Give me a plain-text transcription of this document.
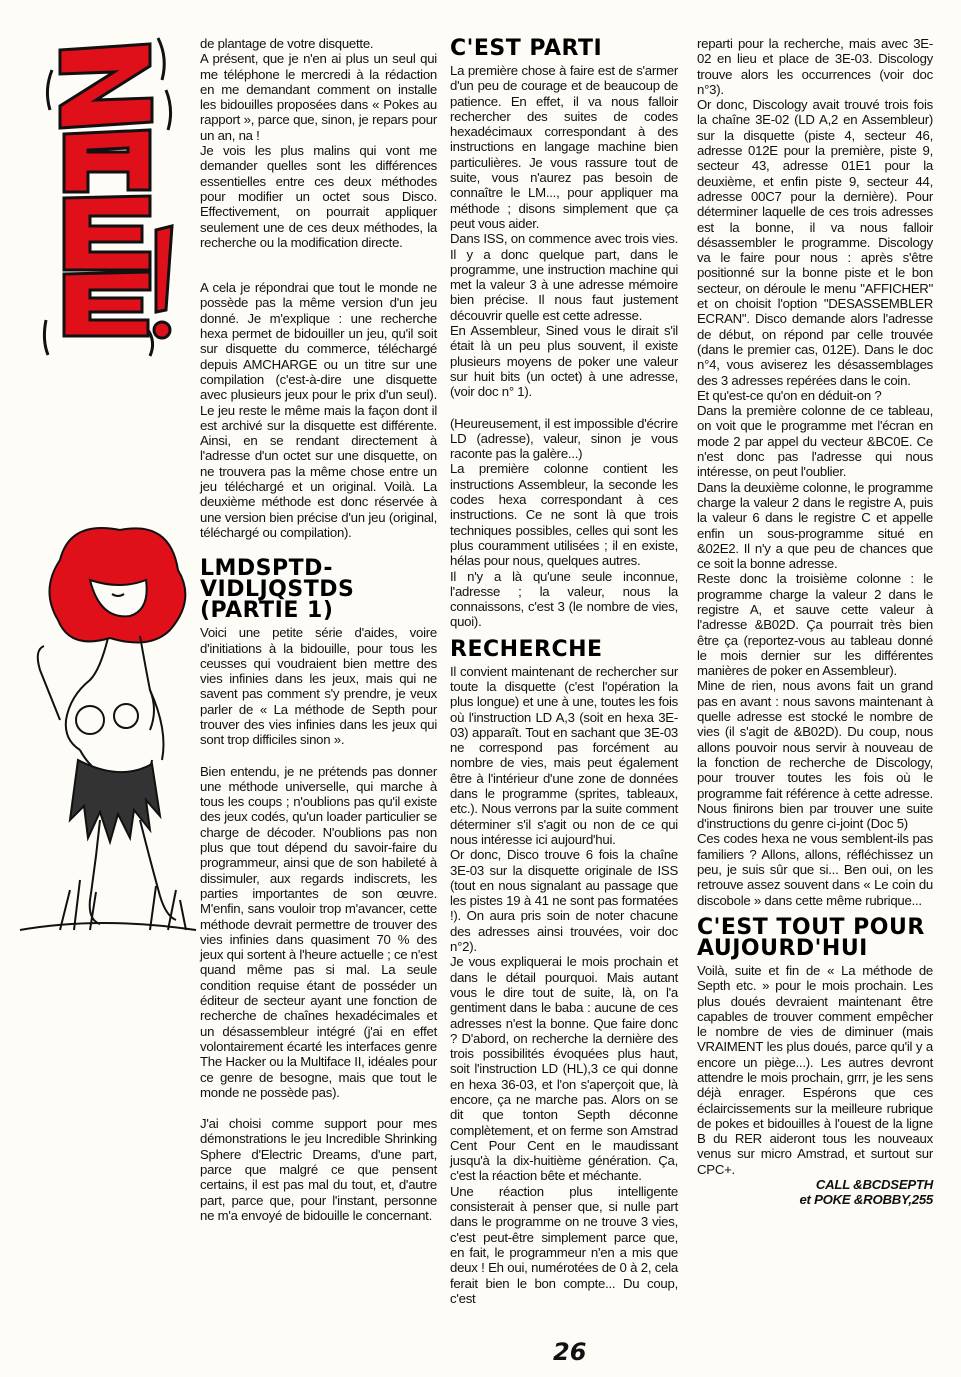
de plantage de votre disquette.

A présent, que je n'en ai plus un seul qui me téléphone le mercredi à la rédaction en me demandant comment on installe les bidouilles proposées dans « Pokes au rapport », parce que, sinon, je repars pour un an, na !

Je vois les plus malins qui vont me demander quelles sont les différences essentielles entre ces deux méthodes pour modifier un octet sous Disco. Effectivement, on pourrait appliquer seulement une de ces deux méthodes, la recherche ou la modification directe.

A cela je répondrai que tout le monde ne possède pas la même version d'un jeu donné. Je m'explique : une recherche hexa permet de bidouiller un jeu, qu'il soit sur disquette du commerce, téléchargé depuis AMCHARGE ou un titre sur une compilation (c'est-à-dire une disquette avec plusieurs jeux pour le prix d'un seul). Le jeu reste le même mais la façon dont il est archivé sur la disquette est différente. Ainsi, en se rendant directement à l'adresse d'un octet sur une disquette, on ne trouvera pas la même chose entre un jeu téléchargé et un original. Voilà. La deuxième méthode est donc réservée à une version bien précise d'un jeu (original, téléchargé ou compilation).

LMDSPTD-VIDLJQSTDS (PARTIE 1)

Voici une petite série d'aides, voire d'initiations à la bidouille, pour tous les ceusses qui voudraient bien mettre des vies infinies dans les jeux, mais qui ne savent pas comment s'y prendre, je veux parler de « La méthode de Septh pour trouver des vies infinies dans les jeux qui sont trop difficiles sinon ».

Bien entendu, je ne prétends pas donner une méthode universelle, qui marche à tous les coups ; n'oublions pas qu'il existe des jeux codés, qu'un loader particulier se charge de décoder. N'oublions pas non plus que tout dépend du savoir-faire du programmeur, ainsi que de son habileté à dissimuler, aux regards indiscrets, les parties importantes de son œuvre. M'enfin, sans vouloir trop m'avancer, cette méthode devrait permettre de trouver des vies infinies dans quasiment 70 % des jeux qui sortent à l'heure actuelle ; ce n'est quand même pas si mal. La seule condition requise étant de posséder un éditeur de secteur ayant une fonction de recherche de chaînes hexadécimales et un désassembleur intégré (j'ai en effet volontairement écarté les interfaces genre The Hacker ou la Multiface II, idéales pour ce genre de besogne, mais que tout le monde ne possède pas).

J'ai choisi comme support pour mes démonstrations le jeu Incredible Shrinking Sphere d'Electric Dreams, d'une part, parce que malgré ce que pensent certains, il est pas mal du tout, et, d'autre part, parce que, pour l'instant, personne ne m'a envoyé de bidouille le concernant.

C'EST PARTI

La première chose à faire est de s'armer d'un peu de courage et de beaucoup de patience. En effet, il va nous falloir rechercher des suites de codes hexadécimaux correspondant à des instructions en langage machine bien particulières. Je vous rassure tout de suite, vous n'aurez pas besoin de connaître le LM..., pour appliquer ma méthode ; disons simplement que ça peut vous aider.

Dans ISS, on commence avec trois vies. Il y a donc quelque part, dans le programme, une instruction machine qui met la valeur 3 à une adresse mémoire bien précise. Il nous faut justement découvrir quelle est cette adresse.

En Assembleur, Sined vous le dirait s'il était là un peu plus souvent, il existe plusieurs moyens de poker une valeur sur huit bits (un octet) à une adresse, (voir doc n° 1).

(Heureusement, il est impossible d'écrire LD (adresse), valeur, sinon je vous raconte pas la galère...)

La première colonne contient les instructions Assembleur, la seconde les codes hexa correspondant à ces instructions. Ce ne sont là que trois techniques possibles, celles qui sont les plus couramment utilisées ; il en existe, hélas pour nous, quelques autres.

Il n'y a là qu'une seule inconnue, l'adresse ; la valeur, nous la connaissons, c'est 3 (le nombre de vies, quoi).

RECHERCHE

Il convient maintenant de rechercher sur toute la disquette (c'est l'opération la plus longue) et une à une, toutes les fois où l'instruction LD A,3 (soit en hexa 3E-03) apparaît. Tout en sachant que 3E-03 ne correspond pas forcément au nombre de vies, mais peut également être à l'intérieur d'une zone de données dans le programme (sprites, tableaux, etc.). Nous verrons par la suite comment déterminer s'il s'agit ou non de ce qui nous intéresse ici aujourd'hui.

Or donc, Disco trouve 6 fois la chaîne 3E-03 sur la disquette originale de ISS (tout en nous signalant au passage que les pistes 19 à 41 ne sont pas formatées !). On aura pris soin de noter chacune des adresses ainsi trouvées, voir doc n°2).

Je vous expliquerai le mois prochain et dans le détail pourquoi. Mais autant vous le dire tout de suite, là, on l'a gentiment dans le baba : aucune de ces adresses n'est la bonne. Que faire donc ? D'abord, on recherche la dernière des trois possibilités évoquées plus haut, soit l'instruction LD (HL),3 ce qui donne en hexa 36-03, et l'on s'aperçoit que, là encore, ça ne marche pas. Alors on se dit que tonton Septh déconne complètement, et on ferme son Amstrad Cent Pour Cent en le maudissant jusqu'à la dix-huitième génération. Ça, c'est la réaction bête et méchante.

Une réaction plus intelligente consisterait à penser que, si nulle part dans le programme on ne trouve 3 vies, c'est peut-être simplement parce que, en fait, le programmeur n'en a mis que deux ! Eh oui, numérotées de 0 à 2, cela ferait bien le bon compte... Du coup, c'est

reparti pour la recherche, mais avec 3E-02 en lieu et place de 3E-03. Discology trouve alors les occurrences (voir doc n°3).

Or donc, Discology avait trouvé trois fois la chaîne 3E-02 (LD A,2 en Assembleur) sur la disquette (piste 4, secteur 46, adresse 012E pour la première, piste 9, secteur 43, adresse 01E1 pour la deuxième, et enfin piste 9, secteur 44, adresse 00C7 pour la dernière). Pour déterminer laquelle de ces trois adresses est la bonne, il va nous falloir désassembler le programme. Discology va le faire pour nous : après s'être positionné sur la bonne piste et le bon secteur, on déroule le menu "AFFICHER" et on choisit l'option "DESASSEMBLER ECRAN". Disco demande alors l'adresse de début, on répond par celle trouvée (dans le premier cas, 012E). Dans le doc n°4, vous aviserez les désassemblages des 3 adresses repérées dans le coin.

Et qu'est-ce qu'on en déduit-on ?

Dans la première colonne de ce tableau, on voit que le programme met l'écran en mode 2 par appel du vecteur &BC0E. Ce n'est donc pas l'adresse qui nous intéresse, on peut l'oublier.

Dans la deuxième colonne, le programme charge la valeur 2 dans le registre A, puis la valeur 6 dans le registre C et appelle enfin un sous-programme situé en &02E2. Il n'y a que peu de chances que ce soit la bonne adresse.

Reste donc la troisième colonne : le programme charge la valeur 2 dans le registre A, et sauve cette valeur à l'adresse &B02D. Ça pourrait très bien être ça (reportez-vous au tableau donné le mois dernier sur les différentes manières de poker en Assembleur).

Mine de rien, nous avons fait un grand pas en avant : nous savons maintenant à quelle adresse est stocké le nombre de vies (il s'agit de &B02D). Du coup, nous allons pouvoir nous servir à nouveau de la fonction de recherche de Discology, pour trouver toutes les fois où le programme fait référence à cette adresse. Nous finirons bien par trouver une suite d'instructions du genre ci-joint (Doc 5)

Ces codes hexa ne vous semblent-ils pas familiers ? Allons, allons, réfléchissez un peu, je suis sûr que si... Ben oui, on les retrouve assez souvent dans « Le coin du discobole » dans cette même rubrique...

C'EST TOUT POUR AUJOURD'HUI

Voilà, suite et fin de « La méthode de Septh etc. » pour le mois prochain. Les plus doués devraient maintenant être capables de trouver comment empêcher le nombre de vies de diminuer (mais VRAIMENT les plus doués, parce qu'il y a encore un piège...). Les autres devront attendre le mois prochain, grrr, je les sens déjà enrager. Espérons que ces éclaircissements sur la meilleure rubrique de pokes et bidouilles à l'ouest de la ligne B du RER aideront tous les nouveaux venus sur micro Amstrad, et surtout sur CPC+.

CALL &BCDSEPTH

et POKE &ROBBY,255

26
